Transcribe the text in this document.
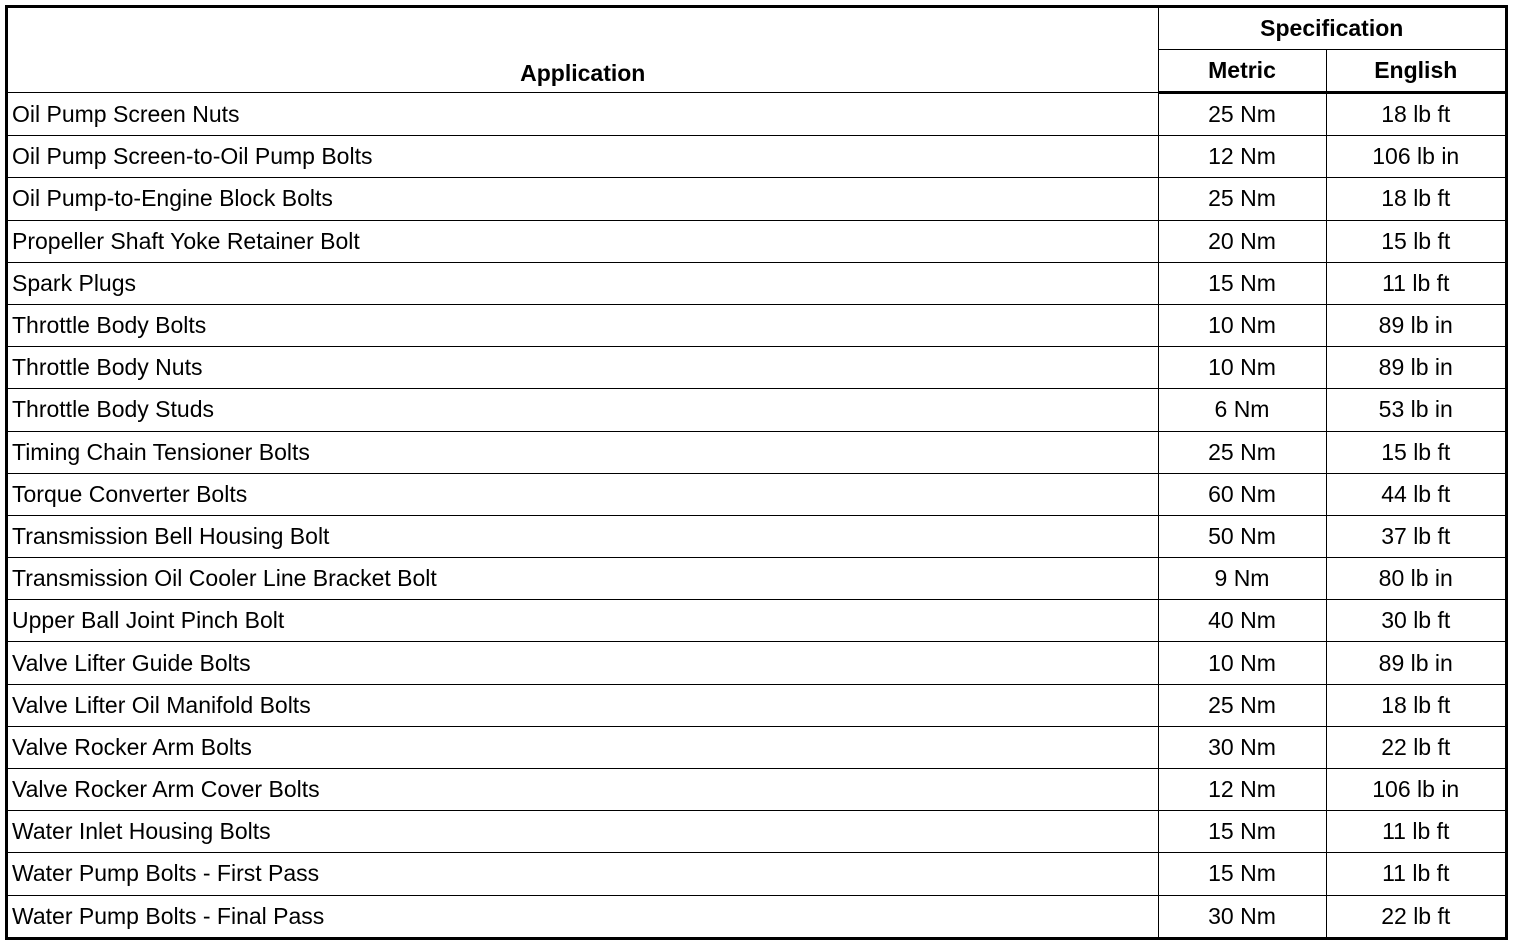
Application	Specification	
	Metric	English
Oil Pump Screen Nuts	25 Nm	18 lb ft
Oil Pump Screen-to-Oil Pump Bolts	12 Nm	106 lb in
Oil Pump-to-Engine Block Bolts	25 Nm	18 lb ft
Propeller Shaft Yoke Retainer Bolt	20 Nm	15 lb ft
Spark Plugs	15 Nm	11 lb ft
Throttle Body Bolts	10 Nm	89 lb in
Throttle Body Nuts	10 Nm	89 lb in
Throttle Body Studs	6 Nm	53 lb in
Timing Chain Tensioner Bolts	25 Nm	15 lb ft
Torque Converter Bolts	60 Nm	44 lb ft
Transmission Bell Housing Bolt	50 Nm	37 lb ft
Transmission Oil Cooler Line Bracket Bolt	9 Nm	80 lb in
Upper Ball Joint Pinch Bolt	40 Nm	30 lb ft
Valve Lifter Guide Bolts	10 Nm	89 lb in
Valve Lifter Oil Manifold Bolts	25 Nm	18 lb ft
Valve Rocker Arm Bolts	30 Nm	22 lb ft
Valve Rocker Arm Cover Bolts	12 Nm	106 lb in
Water Inlet Housing Bolts	15 Nm	11 lb ft
Water Pump Bolts - First Pass	15 Nm	11 lb ft
Water Pump Bolts - Final Pass	30 Nm	22 lb ft
